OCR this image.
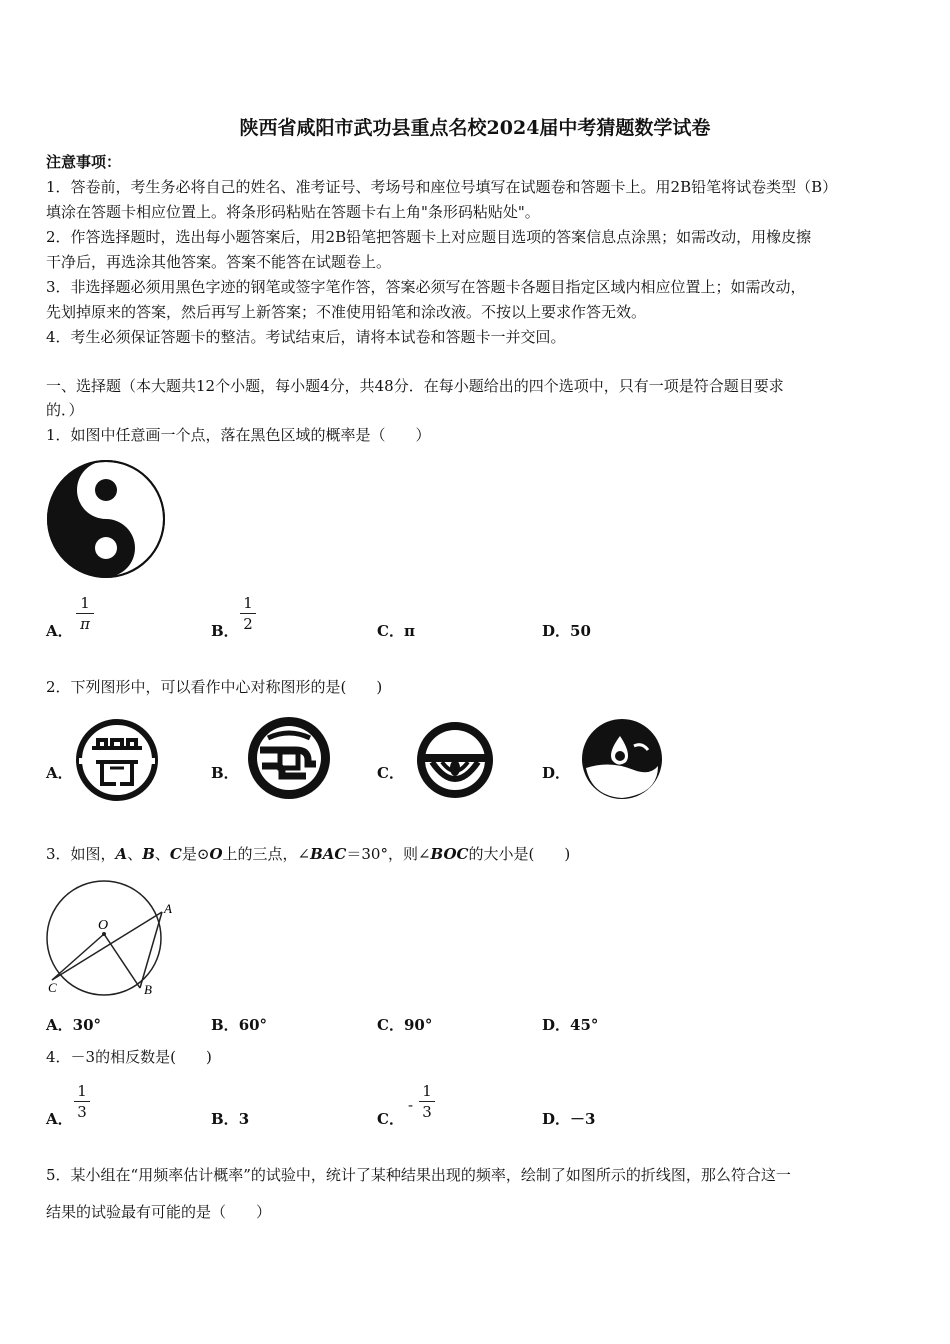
陕西省咸阳市武功县重点名校2024届中考猜题数学试卷
注意事项：
1．答卷前，考生务必将自己的姓名、准考证号、考场号和座位号填写在试题卷和答题卡上。用2B铅笔将试卷类型（B）
填涂在答题卡相应位置上。将条形码粘贴在答题卡右上角"条形码粘贴处"。
2．作答选择题时，选出每小题答案后，用2B铅笔把答题卡上对应题目选项的答案信息点涂黑；如需改动，用橡皮擦
干净后，再选涂其他答案。答案不能答在试题卷上。
3．非选择题必须用黑色字迹的钢笔或签字笔作答，答案必须写在答题卡各题目指定区域内相应位置上；如需改动，
先划掉原来的答案，然后再写上新答案；不准使用铅笔和涂改液。不按以上要求作答无效。
4．考生必须保证答题卡的整洁。考试结束后，请将本试卷和答题卡一并交回。
一、选择题（本大题共12个小题，每小题4分，共48分．在每小题给出的四个选项中，只有一项是符合题目要求
的．）
1．如图中任意画一个点，落在黑色区域的概率是（　　）
A．
1
π	B．
1
2	C．π	D．50
2．下列图形中，可以看作中心对称图形的是(　　)
A．	B．	C．	D．
3．如图，A、B、C是⊙O上的三点，∠BAC＝30°，则∠BOC的大小是(　　)
O
A
B
C
A．30°	B．60°	C．90°	D．45°
4．－3的相反数是(　　)
A．
1
3	B．3	C．
-
1
3	D．－3
5．某小组在“用频率估计概率”的试验中，统计了某种结果出现的频率，绘制了如图所示的折线图，那么符合这一
结果的试验最有可能的是（　　）
